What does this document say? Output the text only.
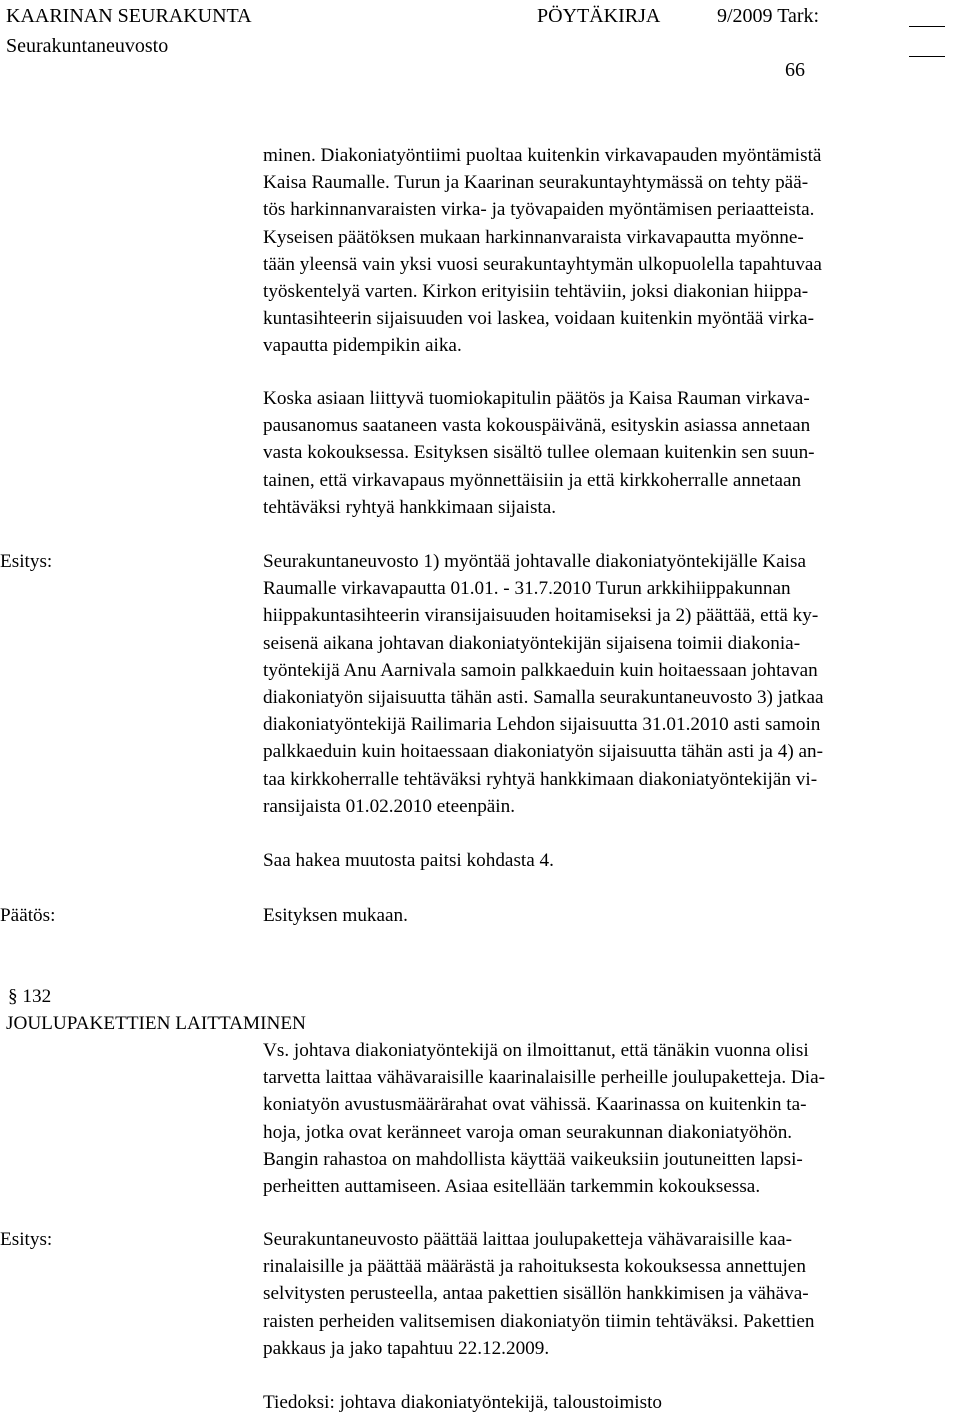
KAARINAN SEURAKUNTA
Seurakuntaneuvosto
PÖYTÄKIRJA	9/2009 Tark:
66
minen. Diakoniatyöntiimi puoltaa kuitenkin virkavapauden myöntämistä
Kaisa Raumalle. Turun ja Kaarinan seurakuntayhtymässä on tehty pää-
tös harkinnanvaraisten virka- ja työvapaiden myöntämisen periaatteista.
Kyseisen päätöksen mukaan harkinnanvaraista virkavapautta myönne-
tään yleensä vain yksi vuosi seurakuntayhtymän ulkopuolella tapahtuvaa
työskentelyä varten. Kirkon erityisiin tehtäviin, joksi diakonian hiippa-
kuntasihteerin sijaisuuden voi laskea, voidaan kuitenkin myöntää virka-
vapautta pidempikin aika.
Koska asiaan liittyvä tuomiokapitulin päätös ja Kaisa Rauman virkava-
pausanomus saataneen vasta kokouspäivänä, esityskin asiassa annetaan
vasta kokouksessa. Esityksen sisältö tullee olemaan kuitenkin sen suun-
tainen, että virkavapaus myönnettäisiin ja että kirkkoherralle annetaan
tehtäväksi ryhtyä hankkimaan sijaista.
Esitys:	Seurakuntaneuvosto 1) myöntää johtavalle diakoniatyöntekijälle Kaisa
Raumalle virkavapautta 01.01. - 31.7.2010 Turun arkkihiippakunnan
hiippakuntasihteerin viransijaisuuden hoitamiseksi ja 2) päättää, että ky-
seisenä aikana johtavan diakoniatyöntekijän sijaisena toimii diakonia-
työntekijä Anu Aarnivala samoin palkkaeduin kuin hoitaessaan johtavan
diakoniatyön sijaisuutta tähän asti. Samalla seurakuntaneuvosto 3) jatkaa
diakoniatyöntekijä Railimaria Lehdon sijaisuutta 31.01.2010 asti samoin
palkkaeduin kuin hoitaessaan diakoniatyön sijaisuutta tähän asti ja 4) an-
taa kirkkoherralle tehtäväksi ryhtyä hankkimaan diakoniatyöntekijän vi-
ransijaista 01.02.2010 eteenpäin.
Saa hakea muutosta paitsi kohdasta 4.
Päätös:	Esityksen mukaan.
§ 132
JOULUPAKETTIEN LAITTAMINEN
Vs. johtava diakoniatyöntekijä on ilmoittanut, että tänäkin vuonna olisi
tarvetta laittaa vähävaraisille kaarinalaisille perheille joulupaketteja. Dia-
koniatyön avustusmäärärahat ovat vähissä. Kaarinassa on kuitenkin ta-
hoja, jotka ovat keränneet varoja oman seurakunnan diakoniatyöhön.
Bangin rahastoa on mahdollista käyttää vaikeuksiin joutuneitten lapsi-
perheitten auttamiseen. Asiaa esitellään tarkemmin kokouksessa.
Esitys:	Seurakuntaneuvosto päättää laittaa joulupaketteja vähävaraisille kaa-
rinalaisille ja päättää määrästä ja rahoituksesta kokouksessa annettujen
selvitysten perusteella, antaa pakettien sisällön hankkimisen ja vähäva-
raisten perheiden valitsemisen diakoniatyön tiimin tehtäväksi. Pakettien
pakkaus ja jako tapahtuu 22.12.2009.
Tiedoksi: johtava diakoniatyöntekijä, taloustoimisto
